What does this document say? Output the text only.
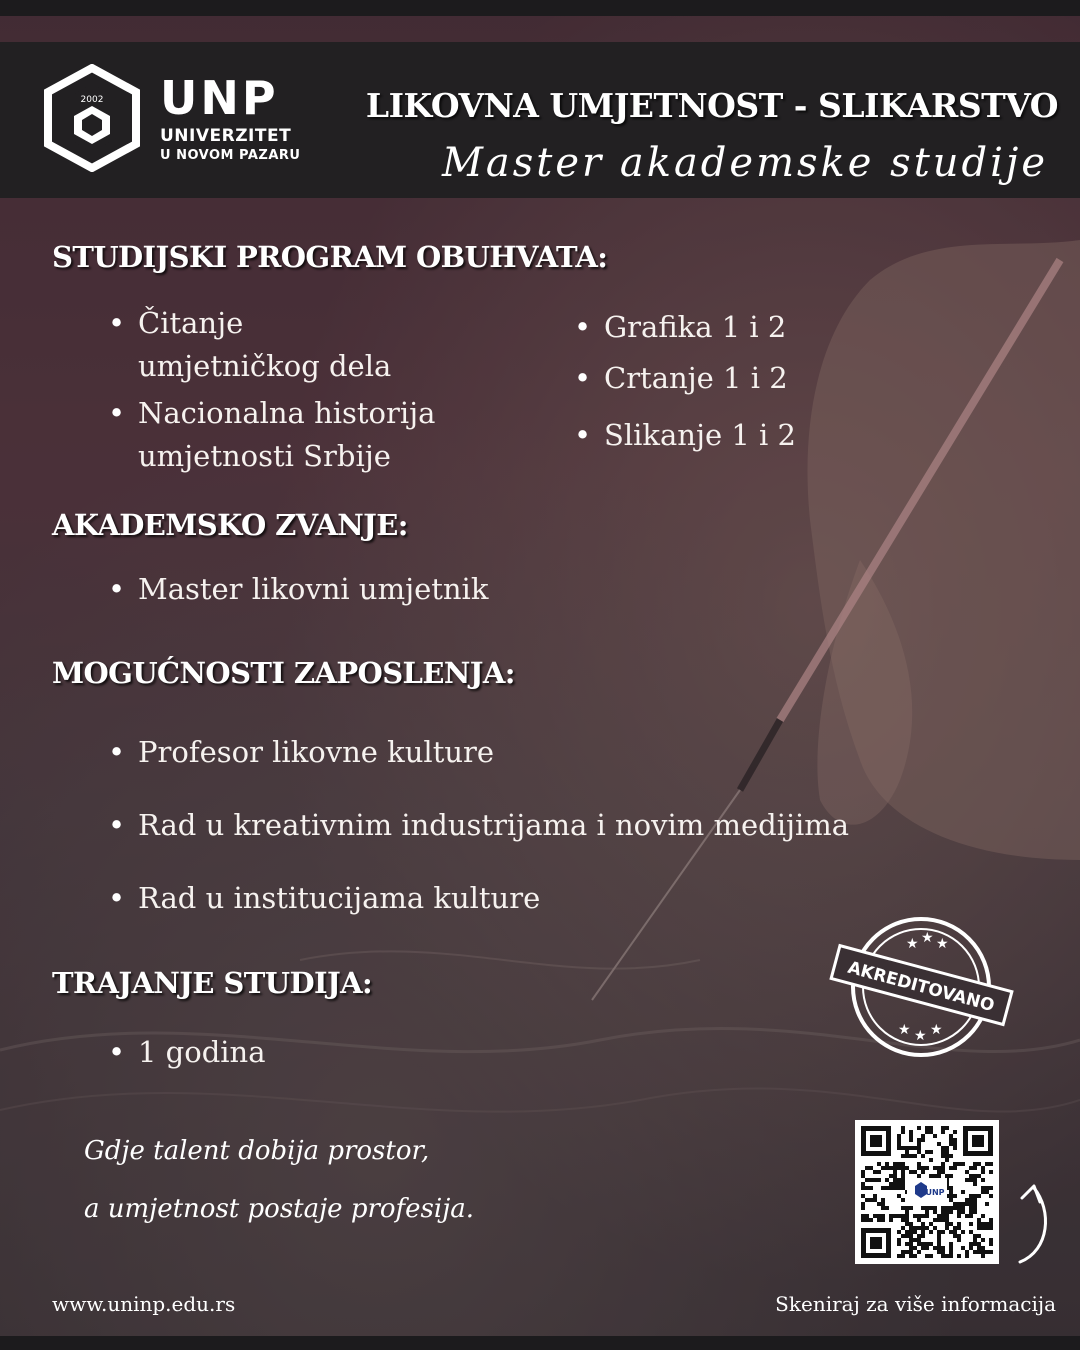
2002 UNP
UNIVERZITET
U NOVOM PAZARU
LIKOVNA UMJETNOST - SLIKARSTVO
Master akademske studije
STUDIJSKI PROGRAM OBUHVATA:
• Čitanje
umjetničkog dela
• Nacionalna historija
umjetnosti Srbije
• Grafika 1 i 2
• Crtanje 1 i 2
• Slikanje 1 i 2
AKADEMSKO ZVANJE:
• Master likovni umjetnik
MOGUĆNOSTI ZAPOSLENJA:
• Profesor likovne kulture
• Rad u kreativnim industrijama i novim medijima
• Rad u institucijama kulture
TRAJANJE STUDIJA:
• 1 godina
Gdje talent dobija prostor,
a umjetnost postaje profesija.
★ ★ ★
★ ★ ★
AKREDITOVANO
UNP
www.uninp.edu.rs	Skeniraj za više informacija
